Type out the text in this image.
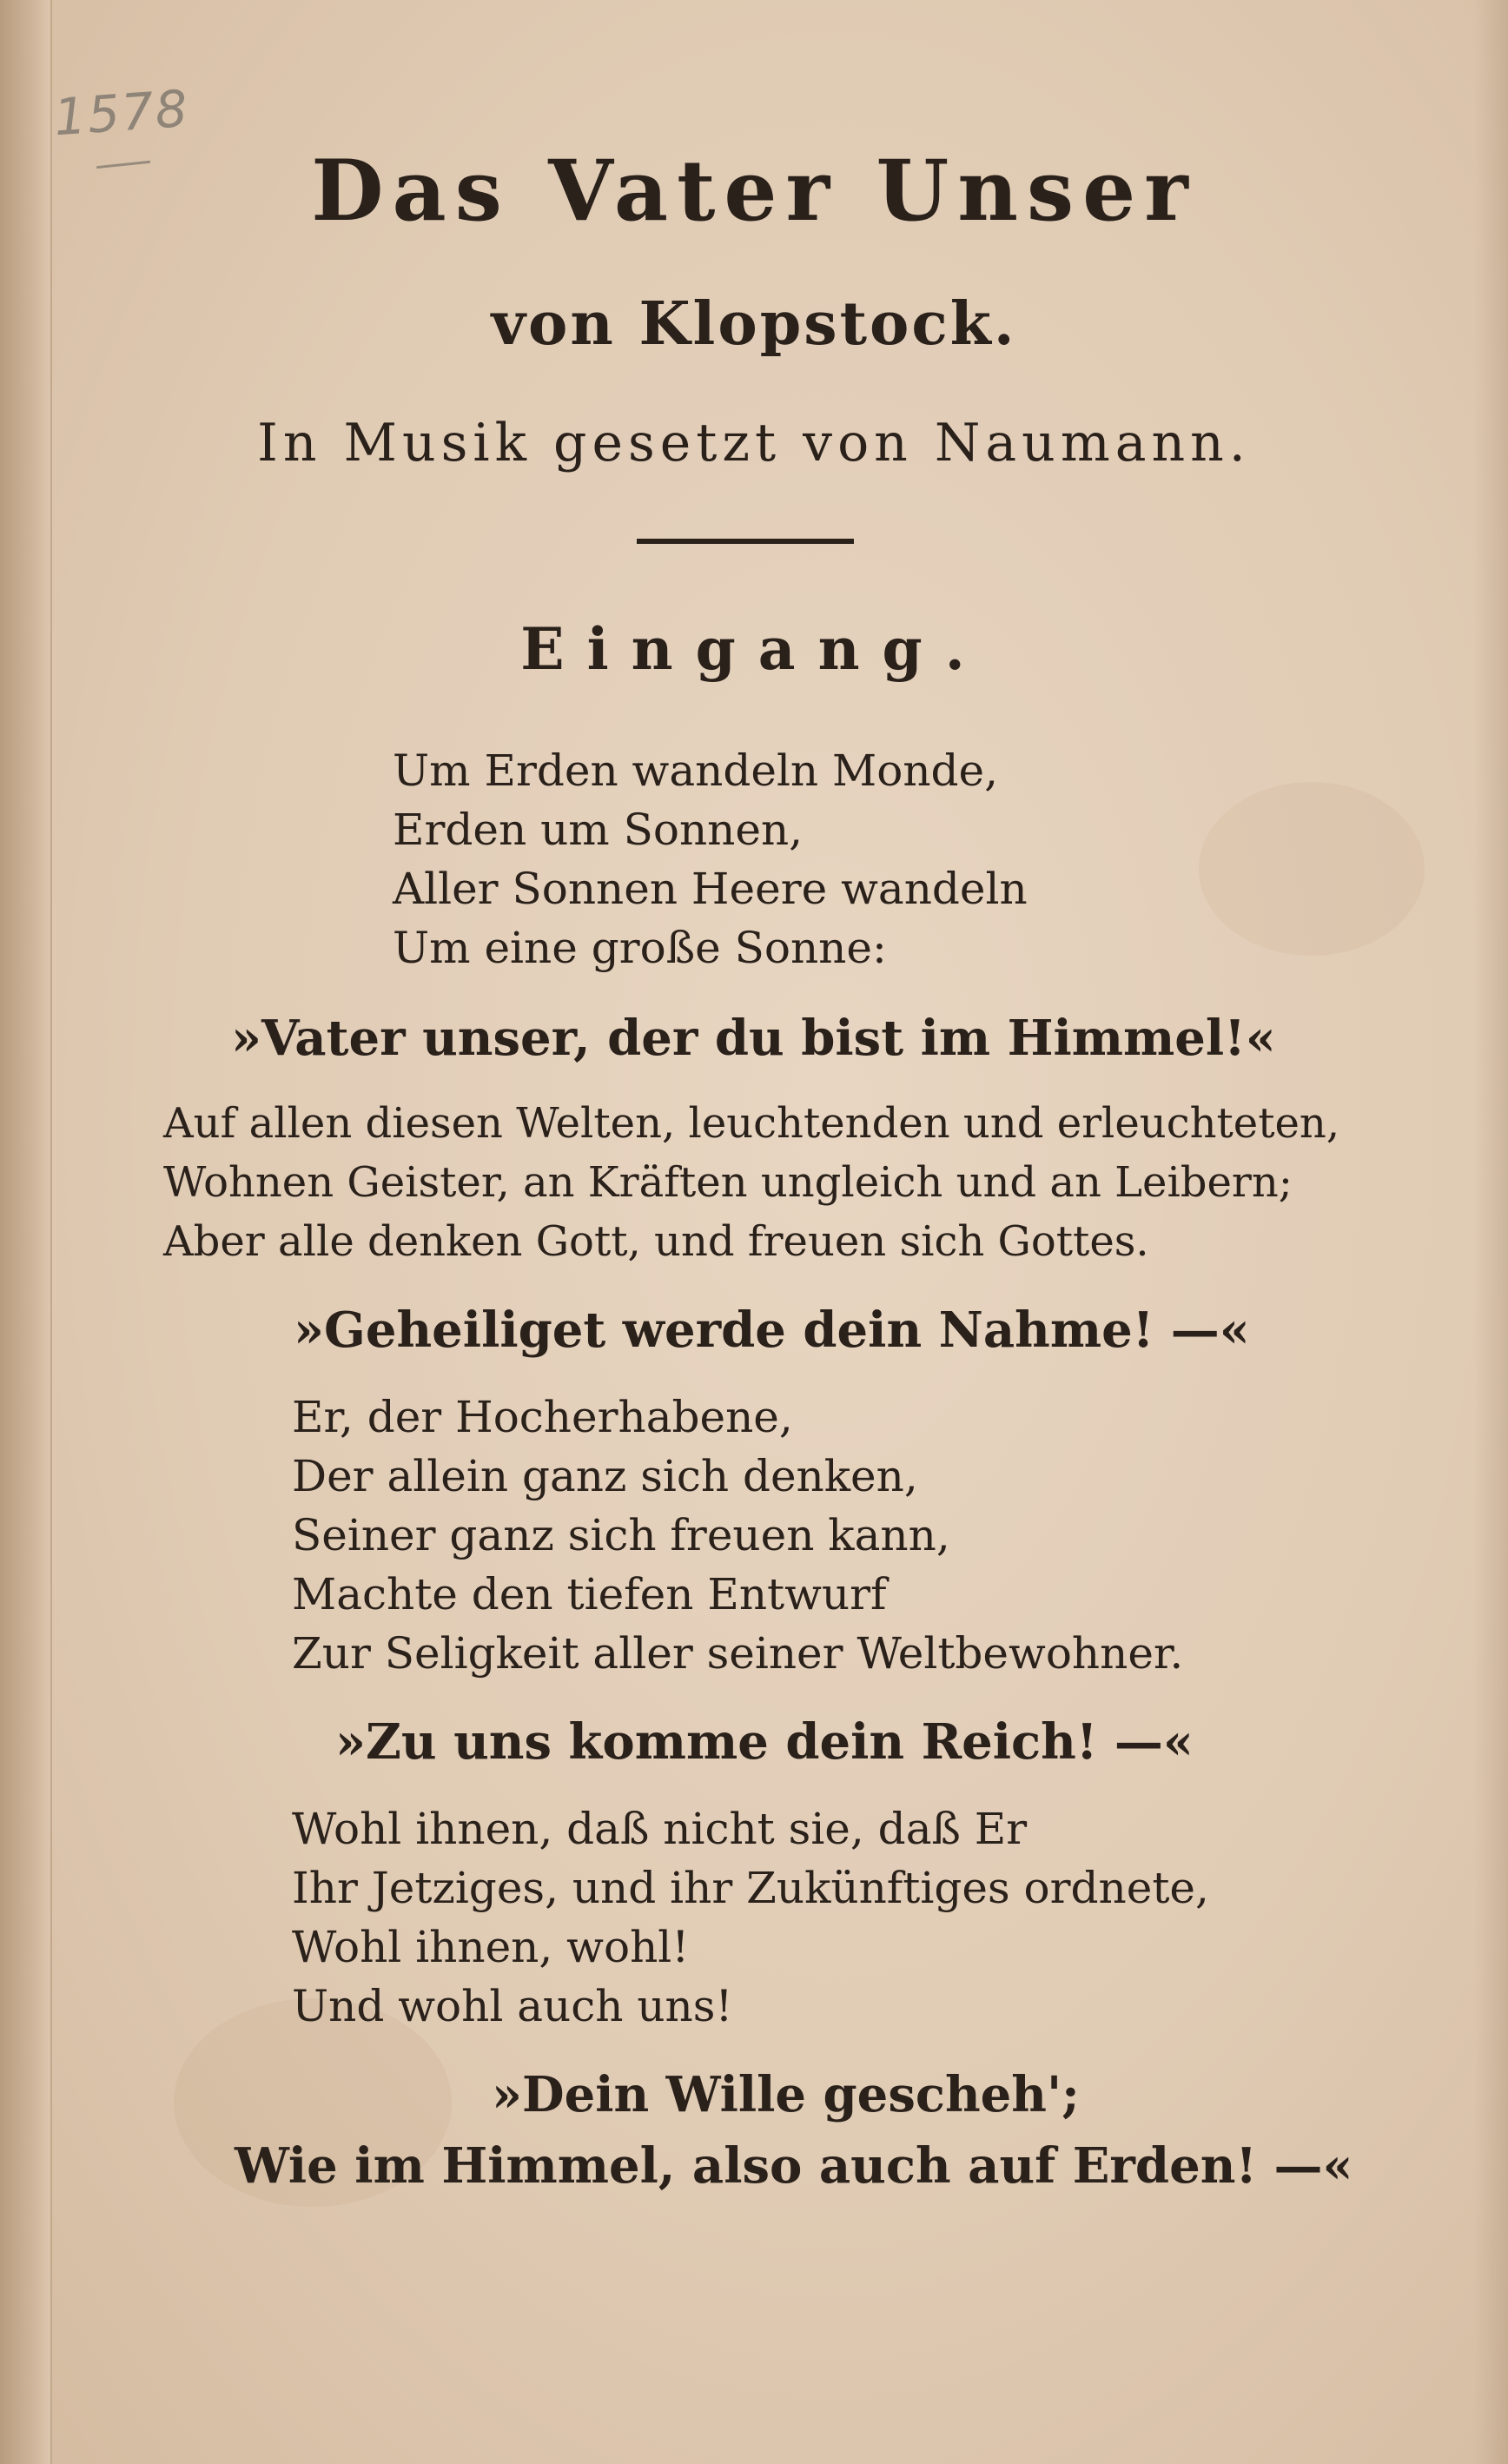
1578
Das Vater Unser
von Klopstock.
In Musik gesetzt von Naumann.
Eingang.
Um Erden wandeln Monde,
Erden um Sonnen,
Aller Sonnen Heere wandeln
Um eine große Sonne:
»Vater unser, der du bist im Himmel!«
Auf allen diesen Welten, leuchtenden und erleuchteten,
Wohnen Geister, an Kräften ungleich und an Leibern;
Aber alle denken Gott, und freuen sich Gottes.
»Geheiliget werde dein Nahme! —«
Er, der Hocherhabene,
Der allein ganz sich denken,
Seiner ganz sich freuen kann,
Machte den tiefen Entwurf
Zur Seligkeit aller seiner Weltbewohner.
»Zu uns komme dein Reich! —«
Wohl ihnen, daß nicht sie, daß Er
Ihr Jetziges, und ihr Zukünftiges ordnete,
Wohl ihnen, wohl!
Und wohl auch uns!
»Dein Wille gescheh';
Wie im Himmel, also auch auf Erden! —«
